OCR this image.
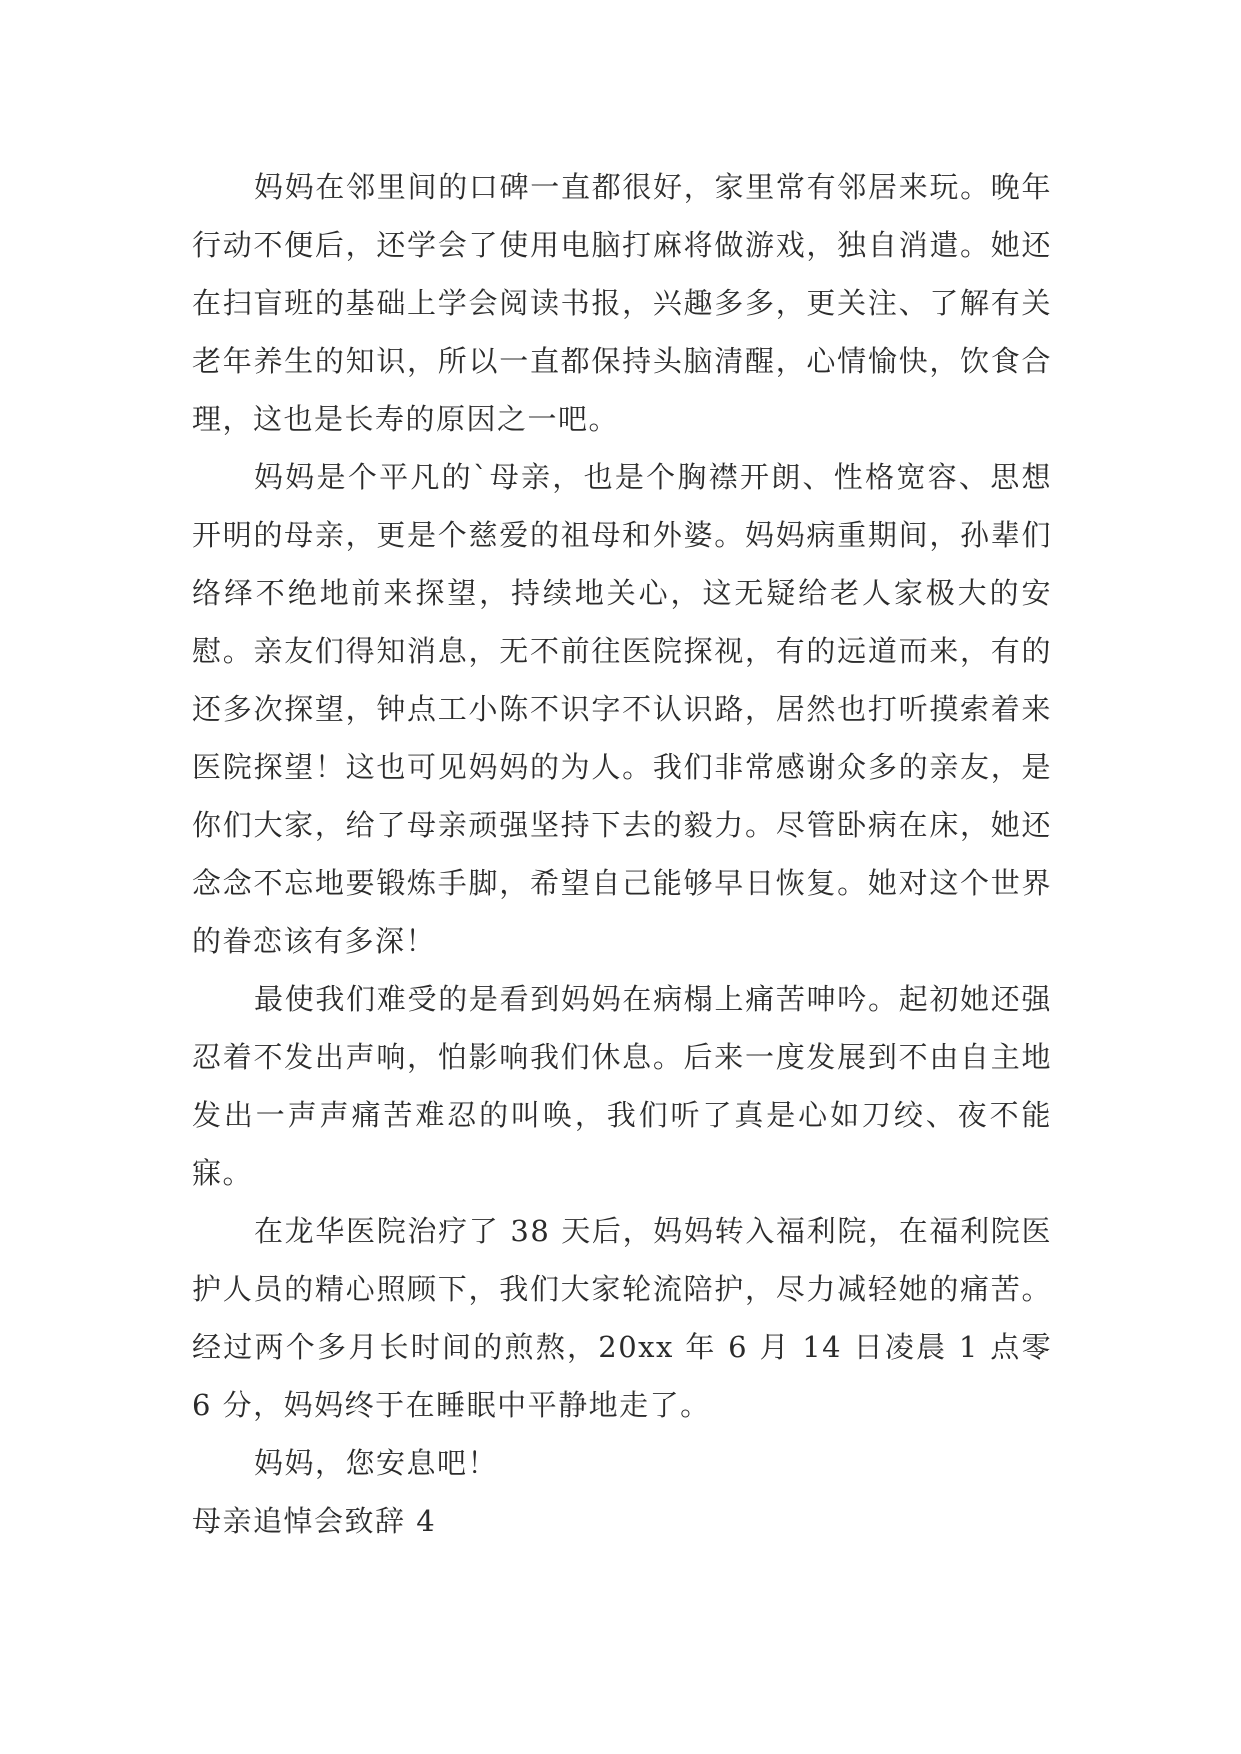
妈妈在邻里间的口碑一直都很好，家里常有邻居来玩。晚年行动不便后，还学会了使用电脑打麻将做游戏，独自消遣。她还在扫盲班的基础上学会阅读书报，兴趣多多，更关注、了解有关老年养生的知识，所以一直都保持头脑清醒，心情愉快，饮食合理，这也是长寿的原因之一吧。

妈妈是个平凡的`母亲，也是个胸襟开朗、性格宽容、思想开明的母亲，更是个慈爱的祖母和外婆。妈妈病重期间，孙辈们络绎不绝地前来探望，持续地关心，这无疑给老人家极大的安慰。亲友们得知消息，无不前往医院探视，有的远道而来，有的还多次探望，钟点工小陈不识字不认识路，居然也打听摸索着来医院探望！这也可见妈妈的为人。我们非常感谢众多的亲友，是你们大家，给了母亲顽强坚持下去的毅力。尽管卧病在床，她还念念不忘地要锻炼手脚，希望自己能够早日恢复。她对这个世界的眷恋该有多深！

最使我们难受的是看到妈妈在病榻上痛苦呻吟。起初她还强忍着不发出声响，怕影响我们休息。后来一度发展到不由自主地发出一声声痛苦难忍的叫唤，我们听了真是心如刀绞、夜不能寐。

在龙华医院治疗了 38 天后，妈妈转入福利院，在福利院医护人员的精心照顾下，我们大家轮流陪护，尽力减轻她的痛苦。经过两个多月长时间的煎熬，20xx 年 6 月 14 日凌晨 1 点零 6 分，妈妈终于在睡眠中平静地走了。

妈妈，您安息吧！

母亲追悼会致辞 4
